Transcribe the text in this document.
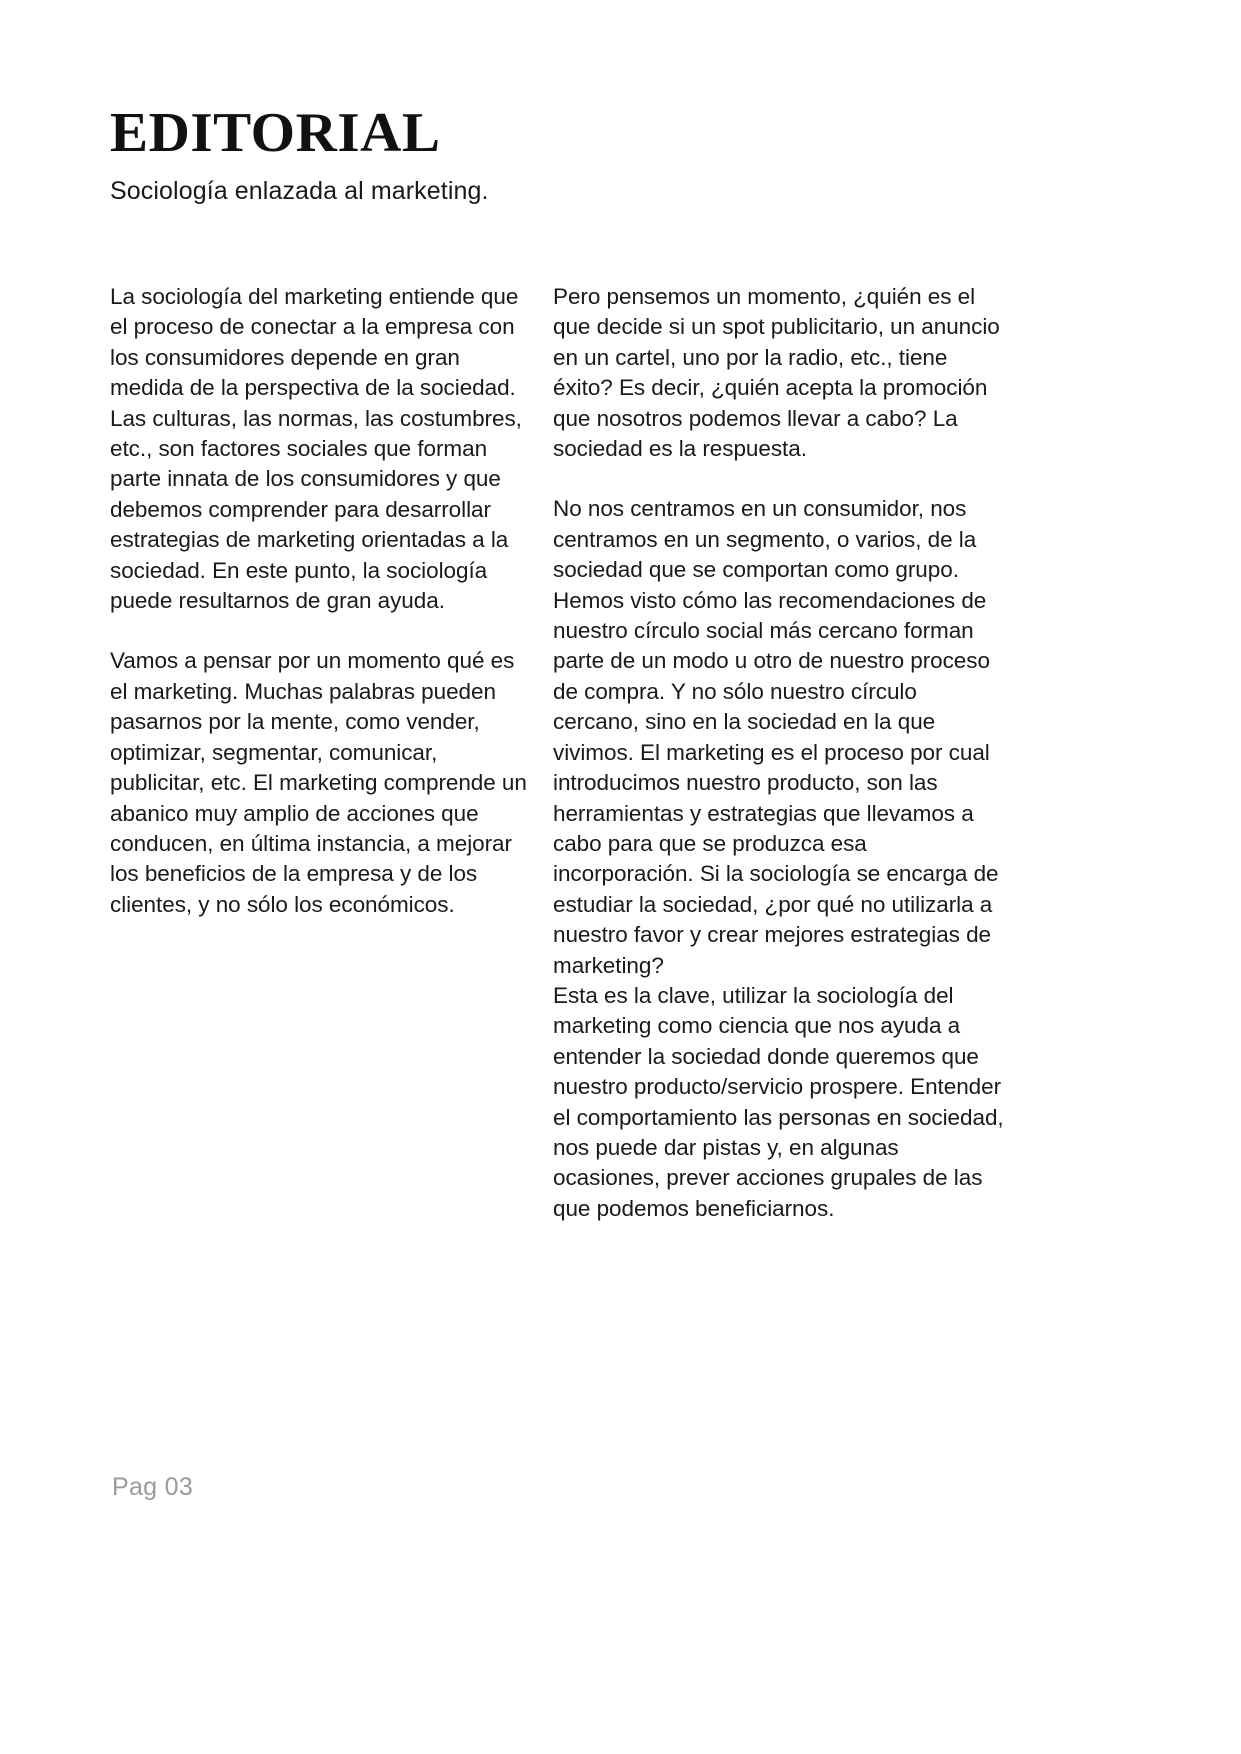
EDITORIAL

Sociología enlazada al marketing.

La sociología del marketing entiende que el proceso de conectar a la empresa con los consumidores depende en gran medida de la perspectiva de la sociedad. Las culturas, las normas, las costumbres, etc., son factores sociales que forman parte innata de los consumidores y que debemos comprender para desarrollar estrategias de marketing orientadas a la sociedad. En este punto, la sociología puede resultarnos de gran ayuda.

Vamos a pensar por un momento qué es el marketing. Muchas palabras pueden pasarnos por la mente, como vender, optimizar, segmentar, comunicar, publicitar, etc. El marketing comprende un abanico muy amplio de acciones que conducen, en última instancia, a mejorar los beneficios de la empresa y de los clientes, y no sólo los económicos.

Pero pensemos un momento, ¿quién es el que decide si un spot publicitario, un anuncio en un cartel, uno por la radio, etc., tiene éxito? Es decir, ¿quién acepta la promoción que nosotros podemos llevar a cabo? La sociedad es la respuesta.

No nos centramos en un consumidor, nos centramos en un segmento, o varios, de la sociedad que se comportan como grupo. Hemos visto cómo las recomendaciones de nuestro círculo social más cercano forman parte de un modo u otro de nuestro proceso de compra. Y no sólo nuestro círculo cercano, sino en la sociedad en la que vivimos. El marketing es el proceso por cual introducimos nuestro producto, son las herramientas y estrategias que llevamos a cabo para que se produzca esa incorporación. Si la sociología se encarga de estudiar la sociedad, ¿por qué no utilizarla a nuestro favor y crear mejores estrategias de marketing?

Esta es la clave, utilizar la sociología del marketing como ciencia que nos ayuda a entender la sociedad donde queremos que nuestro producto/servicio prospere. Entender el comportamiento las personas en sociedad, nos puede dar pistas y, en algunas ocasiones, prever acciones grupales de las que podemos beneficiarnos.

Pag 03
